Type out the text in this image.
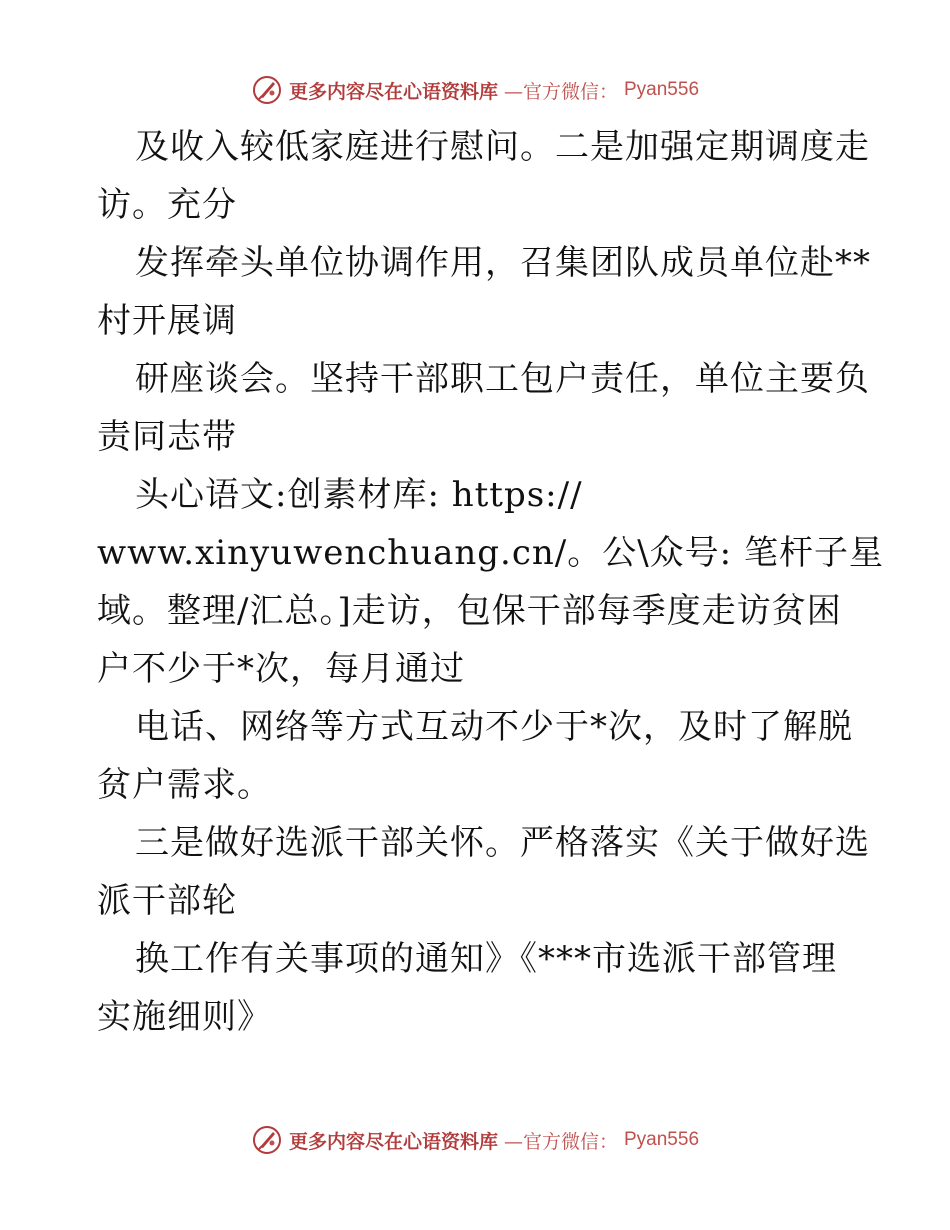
更多内容尽在心语资料库 —官方微信： Pyan556
及收入较低家庭进行慰问。二是加强定期调度走
访。充分
发挥牵头单位协调作用，召集团队成员单位赴**
村开展调
研座谈会。坚持干部职工包户责任，单位主要负
责同志带
头心语文:创素材库: https://
www.xinyuwenchuang.cn/。公\众号: 笔杆子星
域。整理/汇总。]走访，包保干部每季度走访贫困
户不少于*次，每月通过
电话、网络等方式互动不少于*次，及时了解脱
贫户需求。
三是做好选派干部关怀。严格落实《关于做好选
派干部轮
换工作有关事项的通知》《***市选派干部管理
实施细则》
更多内容尽在心语资料库 —官方微信： Pyan556
